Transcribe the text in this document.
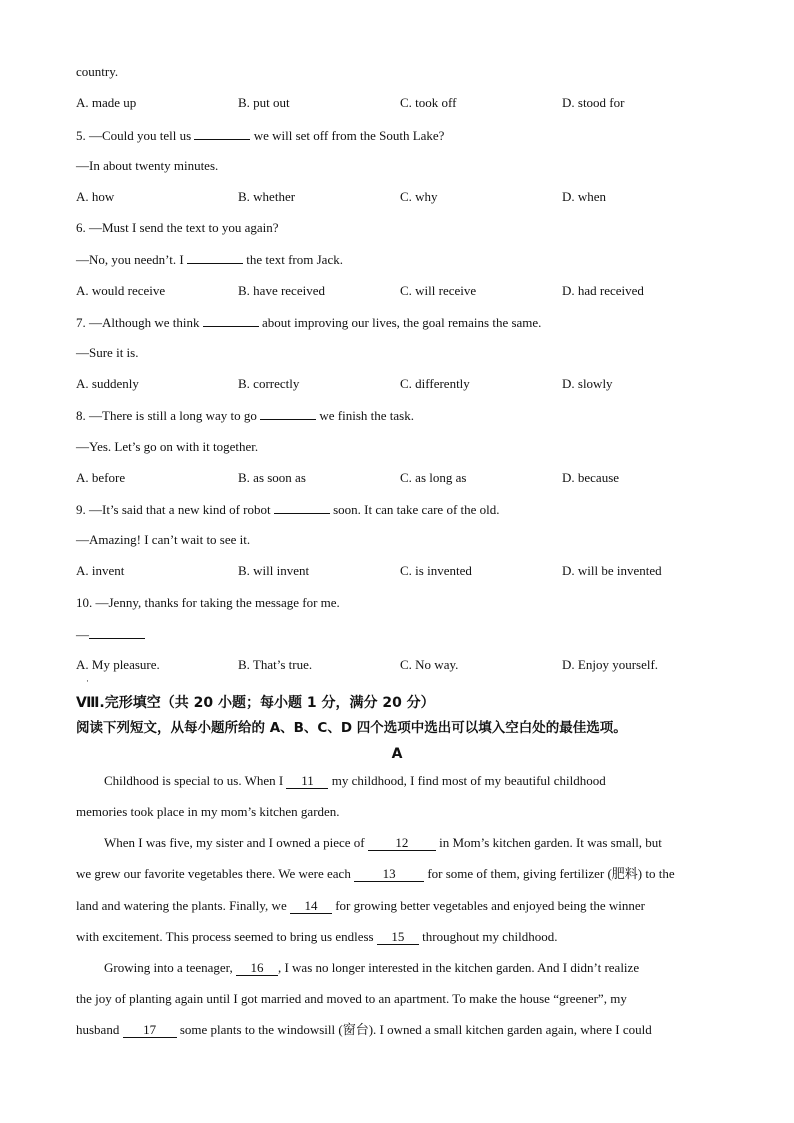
country.
A. made up	B. put out	C. took off	D. stood for
5. —Could you tell us	we will set off from the South Lake?
—In about twenty minutes.
A. how	B. whether	C. why	D. when
6. —Must I send the text to you again?
—No, you needn’t. I	the text from Jack.
A. would receive	B. have received	C. will receive	D. had received
7. —Although we think	about improving our lives, the goal remains the same.
—Sure it is.
A. suddenly	B. correctly	C. differently	D. slowly
8. —There is still a long way to go	we finish the task.
—Yes. Let’s go on with it together.
A. before	B. as soon as	C. as long as	D. because
9. —It’s said that a new kind of robot	soon. It can take care of the old.
—Amazing! I can’t wait to see it.
A. invent	B. will invent	C. is invented	D. will be invented
10. —Jenny, thanks for taking the message for me.
—
A. My pleasure.	B. That’s true.	C. No way.	D. Enjoy yourself.
·
Ⅷ.完形填空（共 20 小题；每小题 1 分，满分 20 分）
阅读下列短文，从每小题所给的 A、B、C、D 四个选项中选出可以填入空白处的最佳选项。
A
Childhood is special to us. When I 11 my childhood, I find most of my beautiful childhood
memories took place in my mom’s kitchen garden.
When I was five, my sister and I owned a piece of 12 in Mom’s kitchen garden. It was small, but
we grew our favorite vegetables there. We were each 13 for some of them, giving fertilizer (肥料) to the
land and watering the plants. Finally, we 14 for growing better vegetables and enjoyed being the winner
with excitement. This process seemed to bring us endless 15 throughout my childhood.
Growing into a teenager, 16 , I was no longer interested in the kitchen garden. And I didn’t realize
the joy of planting again until I got married and moved to an apartment. To make the house “greener”, my
husband 17 some plants to the windowsill (窗台). I owned a small kitchen garden again, where I could
